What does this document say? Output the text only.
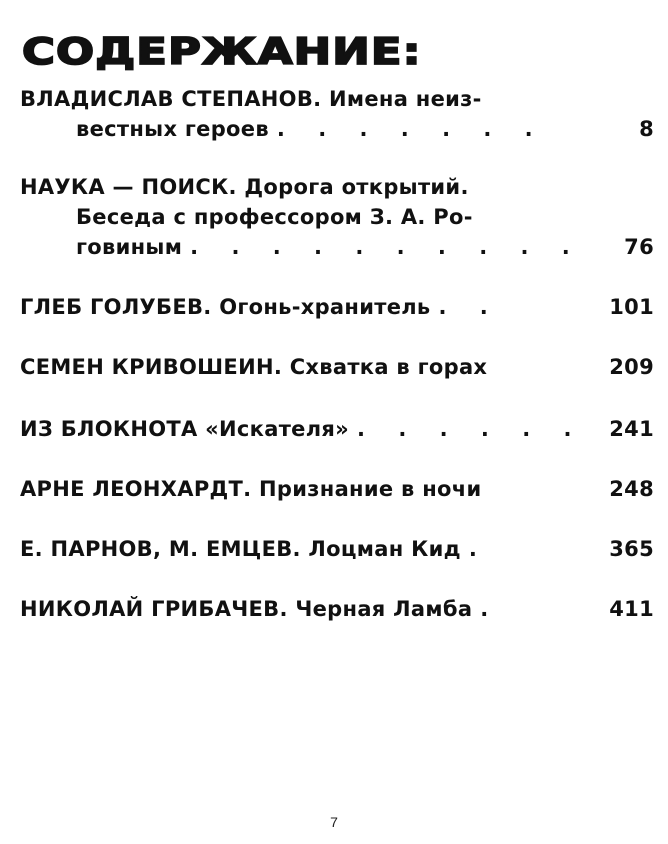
СОДЕРЖАНИЕ:
ВЛАДИСЛАВ СТЕПАНОВ. Имена неиз-
вестных героев . . . . . . .	8
НАУКА — ПОИСК. Дорога открытий.
Беседа с профессором З. А. Ро-
говиным . . . . . . . . . .	76
ГЛЕБ ГОЛУБЕВ. Огонь-хранитель . .	101
СЕМЕН КРИВОШЕИН. Схватка в горах	209
ИЗ БЛОКНОТА «Искателя» . . . . . .	241
АРНЕ ЛЕОНХАРДТ. Признание в ночи	248
Е. ПАРНОВ, М. ЕМЦЕВ. Лоцман Кид .	365
НИКОЛАЙ ГРИБАЧЕВ. Черная Ламба .	411
7
